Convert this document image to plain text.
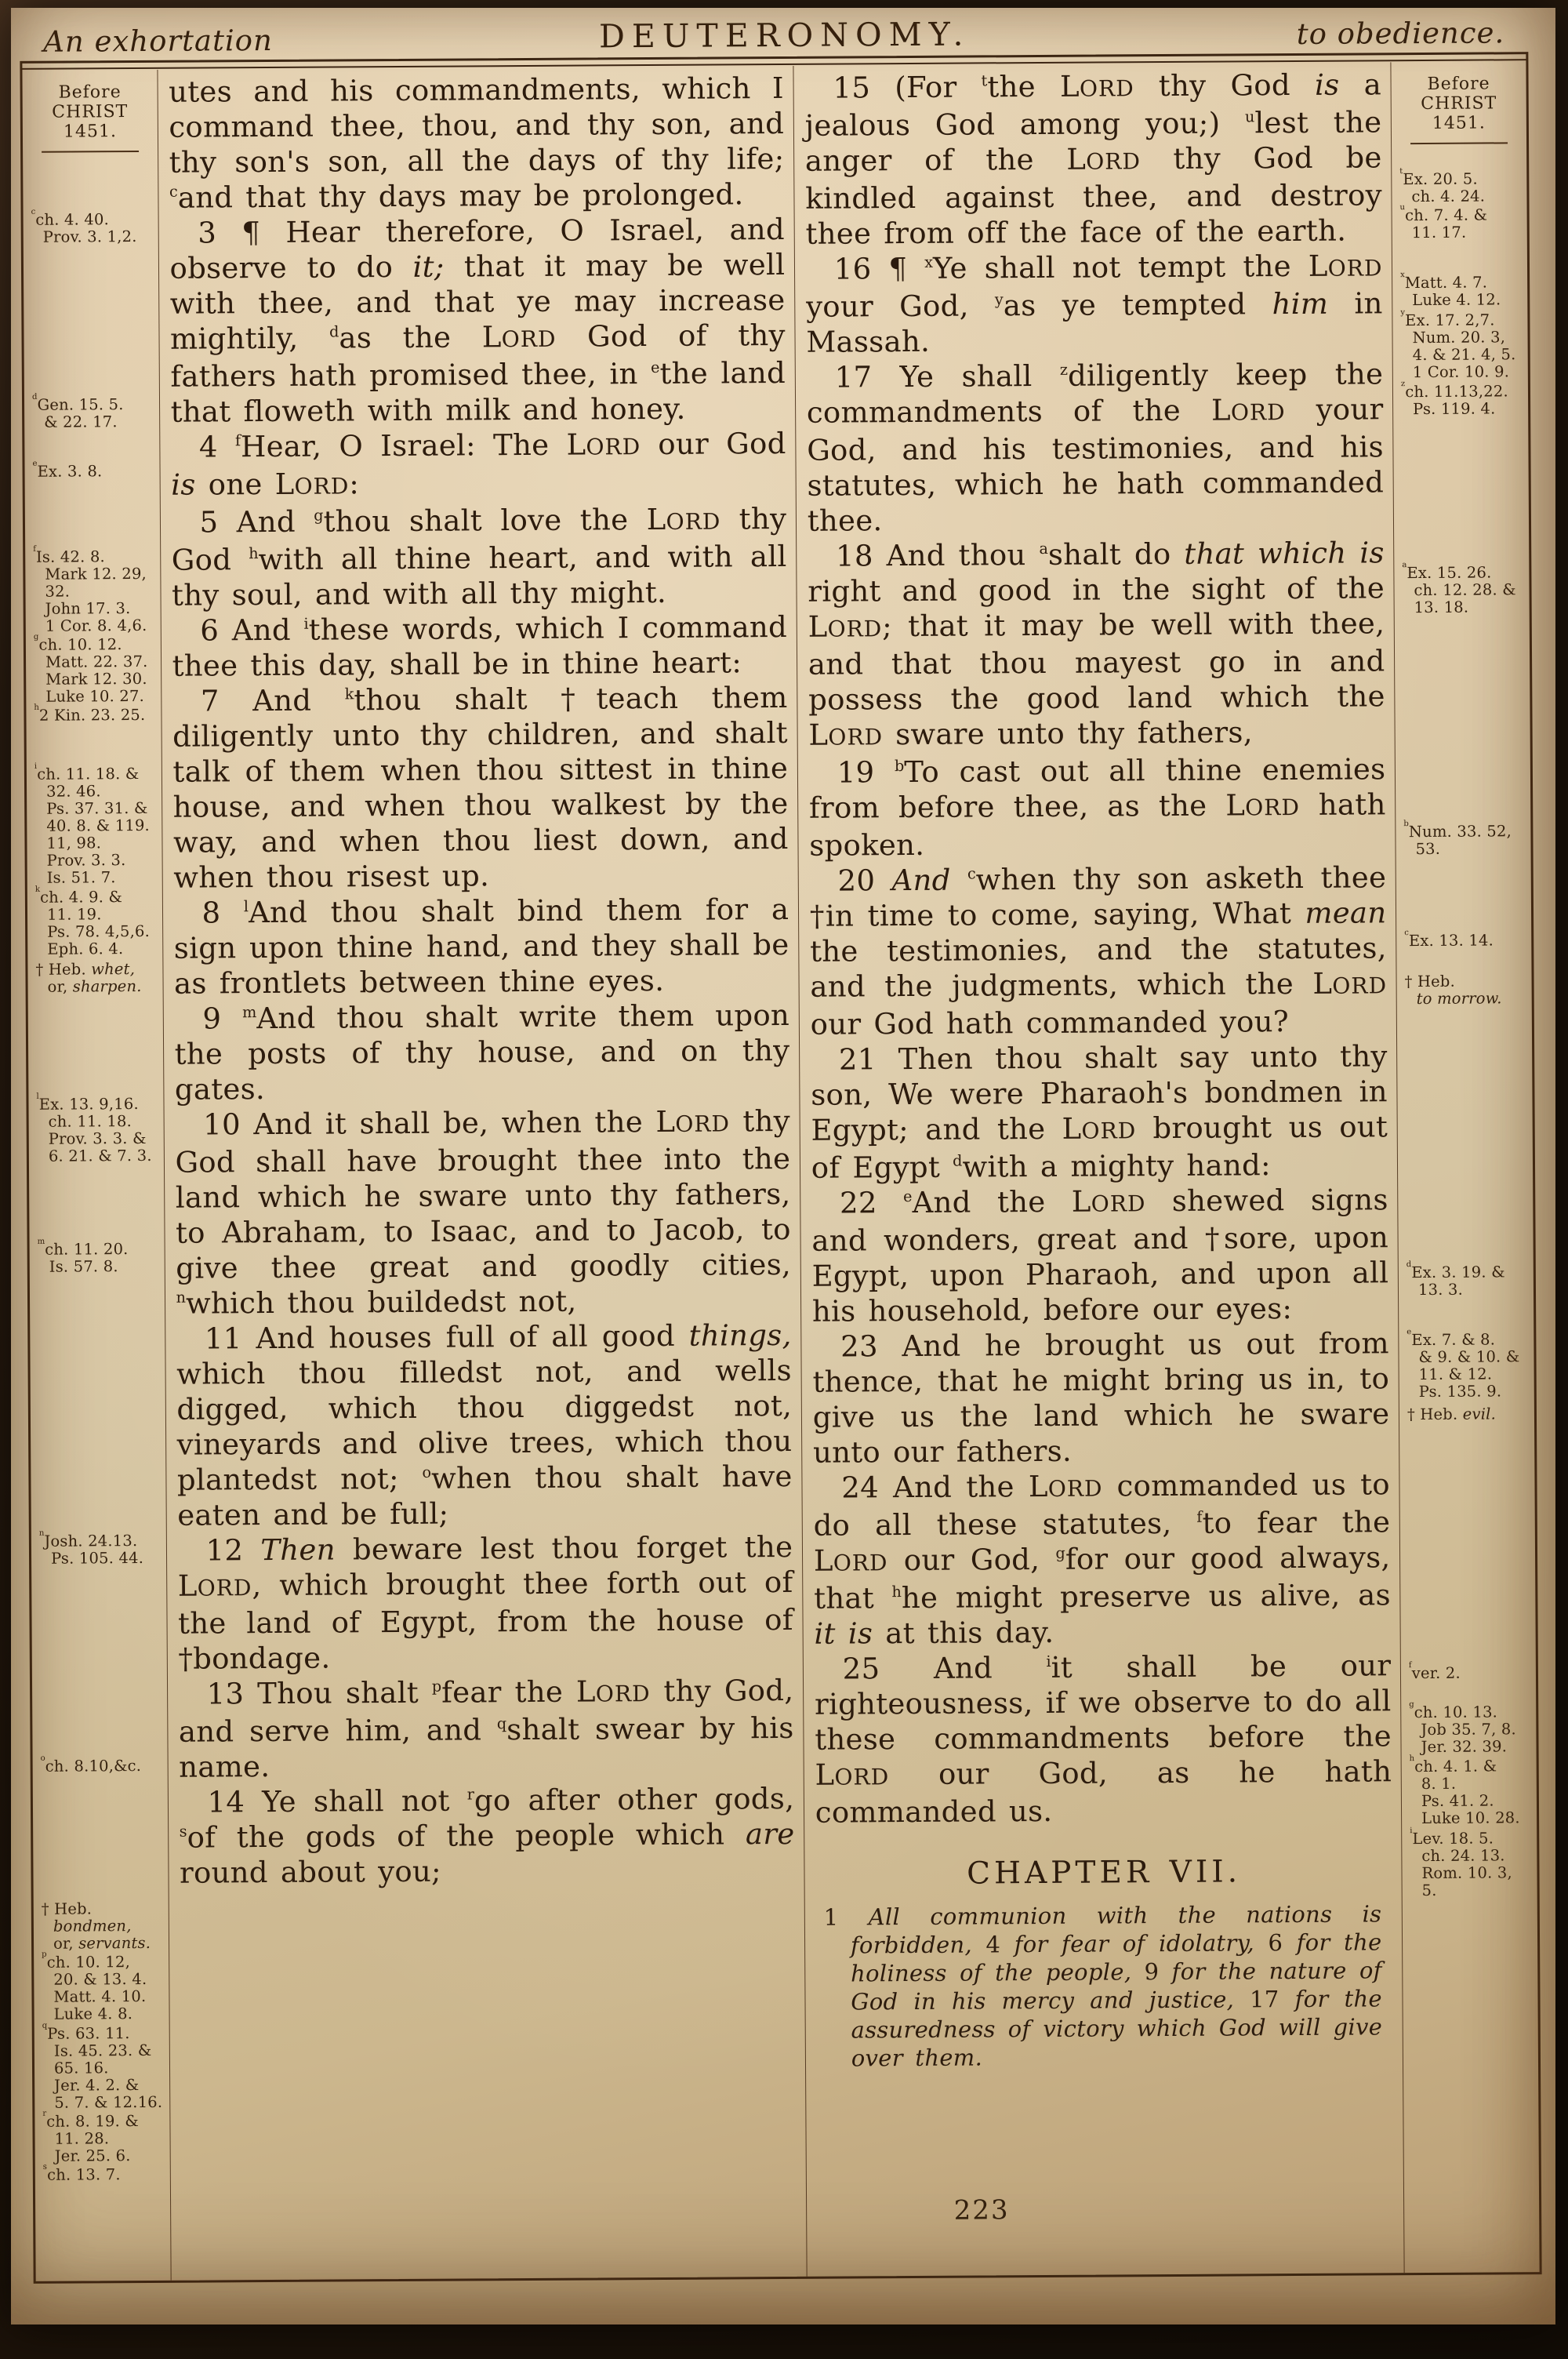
An exhortation	DEUTERONOMY.	to obedience.
Before
CHRIST
1451.
$^c$ch. 4. 40.
Prov. 3. 1,2.
$^d$Gen. 15. 5.
& 22. 17.
$^e$Ex. 3. 8.
$^f$Is. 42. 8.
Mark 12. 29,
32.
John 17. 3.
1 Cor. 8. 4,6.
$^g$ch. 10. 12.
Matt. 22. 37.
Mark 12. 30.
Luke 10. 27.
$^h$2 Kin. 23. 25.
$^i$ch. 11. 18. &
32. 46.
Ps. 37. 31. &
40. 8. & 119.
11, 98.
Prov. 3. 3.
Is. 51. 7.
$^k$ch. 4. 9. &
11. 19.
Ps. 78. 4,5,6.
Eph. 6. 4.
† Heb. whet,
or, sharpen.
$^l$Ex. 13. 9,16.
ch. 11. 18.
Prov. 3. 3. &
6. 21. & 7. 3.
$^m$ch. 11. 20.
Is. 57. 8.
$^n$Josh. 24.13.
Ps. 105. 44.
$^o$ch. 8.10,&c.
† Heb.
bondmen,
or, servants.
$^p$ch. 10. 12,
20. & 13. 4.
Matt. 4. 10.
Luke 4. 8.
$^q$Ps. 63. 11.
Is. 45. 23. &
65. 16.
Jer. 4. 2. &
5. 7. & 12.16.
$^r$ch. 8. 19. &
11. 28.
Jer. 25. 6.
$^s$ch. 13. 7.

utes and his commandments, which I command thee, thou, and thy son, and thy son's son, all the days of thy life; $^c$and that thy days may be prolonged.

3 ¶ Hear therefore, O Israel, and observe to do it; that it may be well with thee, and that ye may increase mightily, $^d$as the LORD God of thy fathers hath promised thee, in $^e$the land that floweth with milk and honey.

4 $^f$Hear, O Israel: The LORD our God is one LORD:

5 And $^g$thou shalt love the LORD thy God $^h$with all thine heart, and with all thy soul, and with all thy might.

6 And $^i$these words, which I command thee this day, shall be in thine heart:

7 And $^k$thou shalt †teach them diligently unto thy children, and shalt talk of them when thou sittest in thine house, and when thou walkest by the way, and when thou liest down, and when thou risest up.

8 $^l$And thou shalt bind them for a sign upon thine hand, and they shall be as frontlets between thine eyes.

9 $^m$And thou shalt write them upon the posts of thy house, and on thy gates.

10 And it shall be, when the LORD thy God shall have brought thee into the land which he sware unto thy fathers, to Abraham, to Isaac, and to Jacob, to give thee great and goodly cities, $^n$which thou buildedst not,

11 And houses full of all good things, which thou filledst not, and wells digged, which thou diggedst not, vineyards and olive trees, which thou plantedst not; $^o$when thou shalt have eaten and be full;

12 Then beware lest thou forget the LORD, which brought thee forth out of the land of Egypt, from the house of †bondage.

13 Thou shalt $^p$fear the LORD thy God, and serve him, and $^q$shalt swear by his name.

14 Ye shall not $^r$go after other gods, $^s$of the gods of the people which are round about you;

15 (For $^t$the LORD thy God is a jealous God among you;) $^u$lest the anger of the LORD thy God be kindled against thee, and destroy thee from off the face of the earth.

16 ¶ $^x$Ye shall not tempt the LORD your God, $^y$as ye tempted him in Massah.

17 Ye shall $^z$diligently keep the commandments of the LORD your God, and his testimonies, and his statutes, which he hath commanded thee.

18 And thou $^a$shalt do that which is right and good in the sight of the LORD; that it may be well with thee, and that thou mayest go in and possess the good land which the LORD sware unto thy fathers,

19 $^b$To cast out all thine enemies from before thee, as the LORD hath spoken.

20 And $^c$when thy son asketh thee †in time to come, saying, What mean the testimonies, and the statutes, and the judgments, which the LORD our God hath commanded you?

21 Then thou shalt say unto thy son, We were Pharaoh's bondmen in Egypt; and the LORD brought us out of Egypt $^d$with a mighty hand:

22 $^e$And the LORD shewed signs and wonders, great and †sore, upon Egypt, upon Pharaoh, and upon all his household, before our eyes:

23 And he brought us out from thence, that he might bring us in, to give us the land which he sware unto our fathers.

24 And the LORD commanded us to do all these statutes, $^f$to fear the LORD our God, $^g$for our good always, that $^h$he might preserve us alive, as it is at this day.

25 And $^i$it shall be our righteousness, if we observe to do all these commandments before the LORD our God, as he hath commanded us.

CHAPTER VII.
1 All communion with the nations is forbidden, 4 for fear of idolatry, 6 for the holiness of the people, 9 for the nature of God in his mercy and justice, 17 for the assuredness of victory which God will give over them.
Before
CHRIST
1451.
$^t$Ex. 20. 5.
ch. 4. 24.
$^u$ch. 7. 4. &
11. 17.
$^x$Matt. 4. 7.
Luke 4. 12.
$^y$Ex. 17. 2,7.
Num. 20. 3,
4. & 21. 4, 5.
1 Cor. 10. 9.
$^z$ch. 11.13,22.
Ps. 119. 4.
$^a$Ex. 15. 26.
ch. 12. 28. &
13. 18.
$^b$Num. 33. 52,
53.
$^c$Ex. 13. 14.
† Heb.
to morrow.
$^d$Ex. 3. 19. &
13. 3.
$^e$Ex. 7. & 8.
& 9. & 10. &
11. & 12.
Ps. 135. 9.
† Heb. evil.
$^f$ver. 2.
$^g$ch. 10. 13.
Job 35. 7, 8.
Jer. 32. 39.
$^h$ch. 4. 1. &
8. 1.
Ps. 41. 2.
Luke 10. 28.
$^i$Lev. 18. 5.
ch. 24. 13.
Rom. 10. 3,
5.
223
